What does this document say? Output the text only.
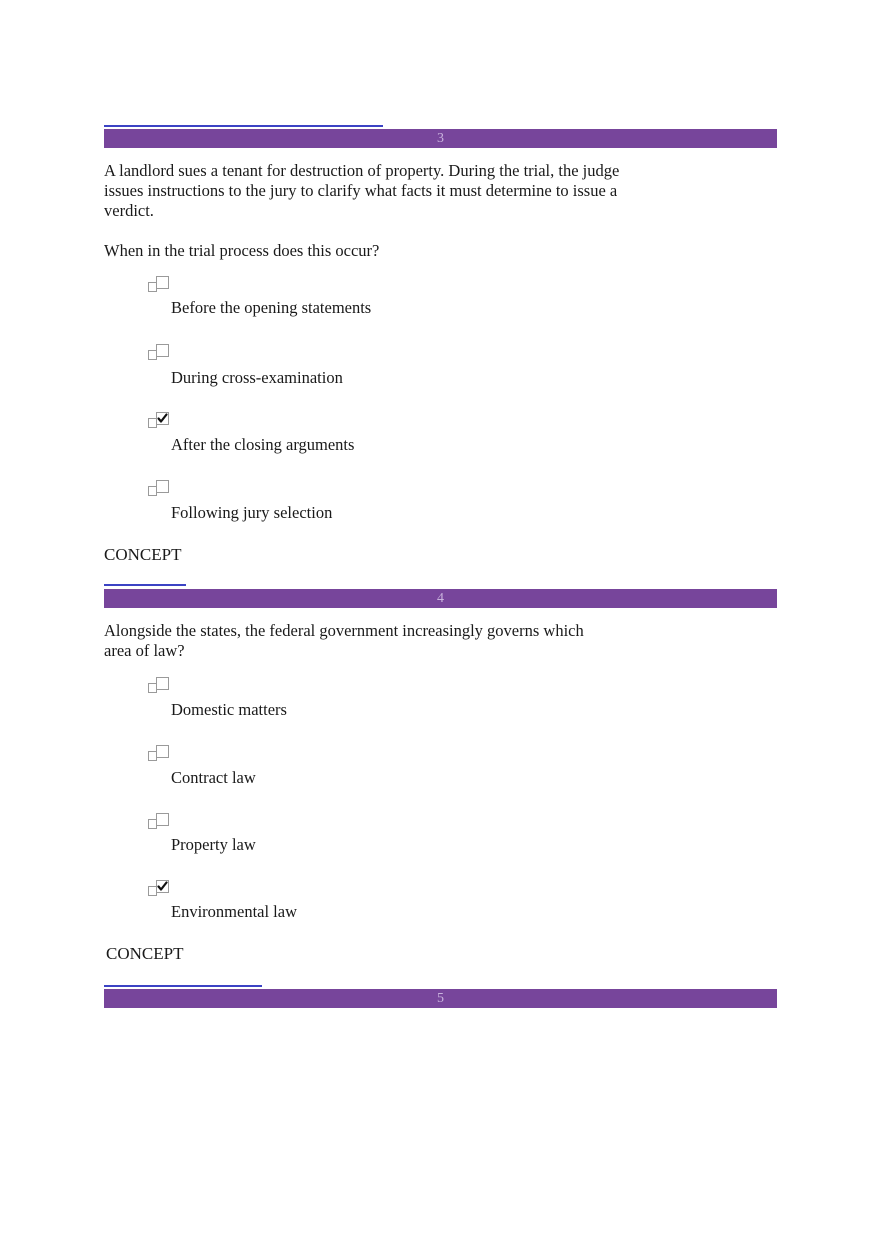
3

A landlord sues a tenant for destruction of property. During the trial, the judge issues instructions to the jury to clarify what facts it must determine to issue a verdict.

When in the trial process does this occur?

Before the opening statements
During cross-examination
After the closing arguments
Following jury selection
CONCEPT
4

Alongside the states, the federal government increasingly governs which area of law?

Domestic matters
Contract law
Property law
Environmental law
CONCEPT
5
